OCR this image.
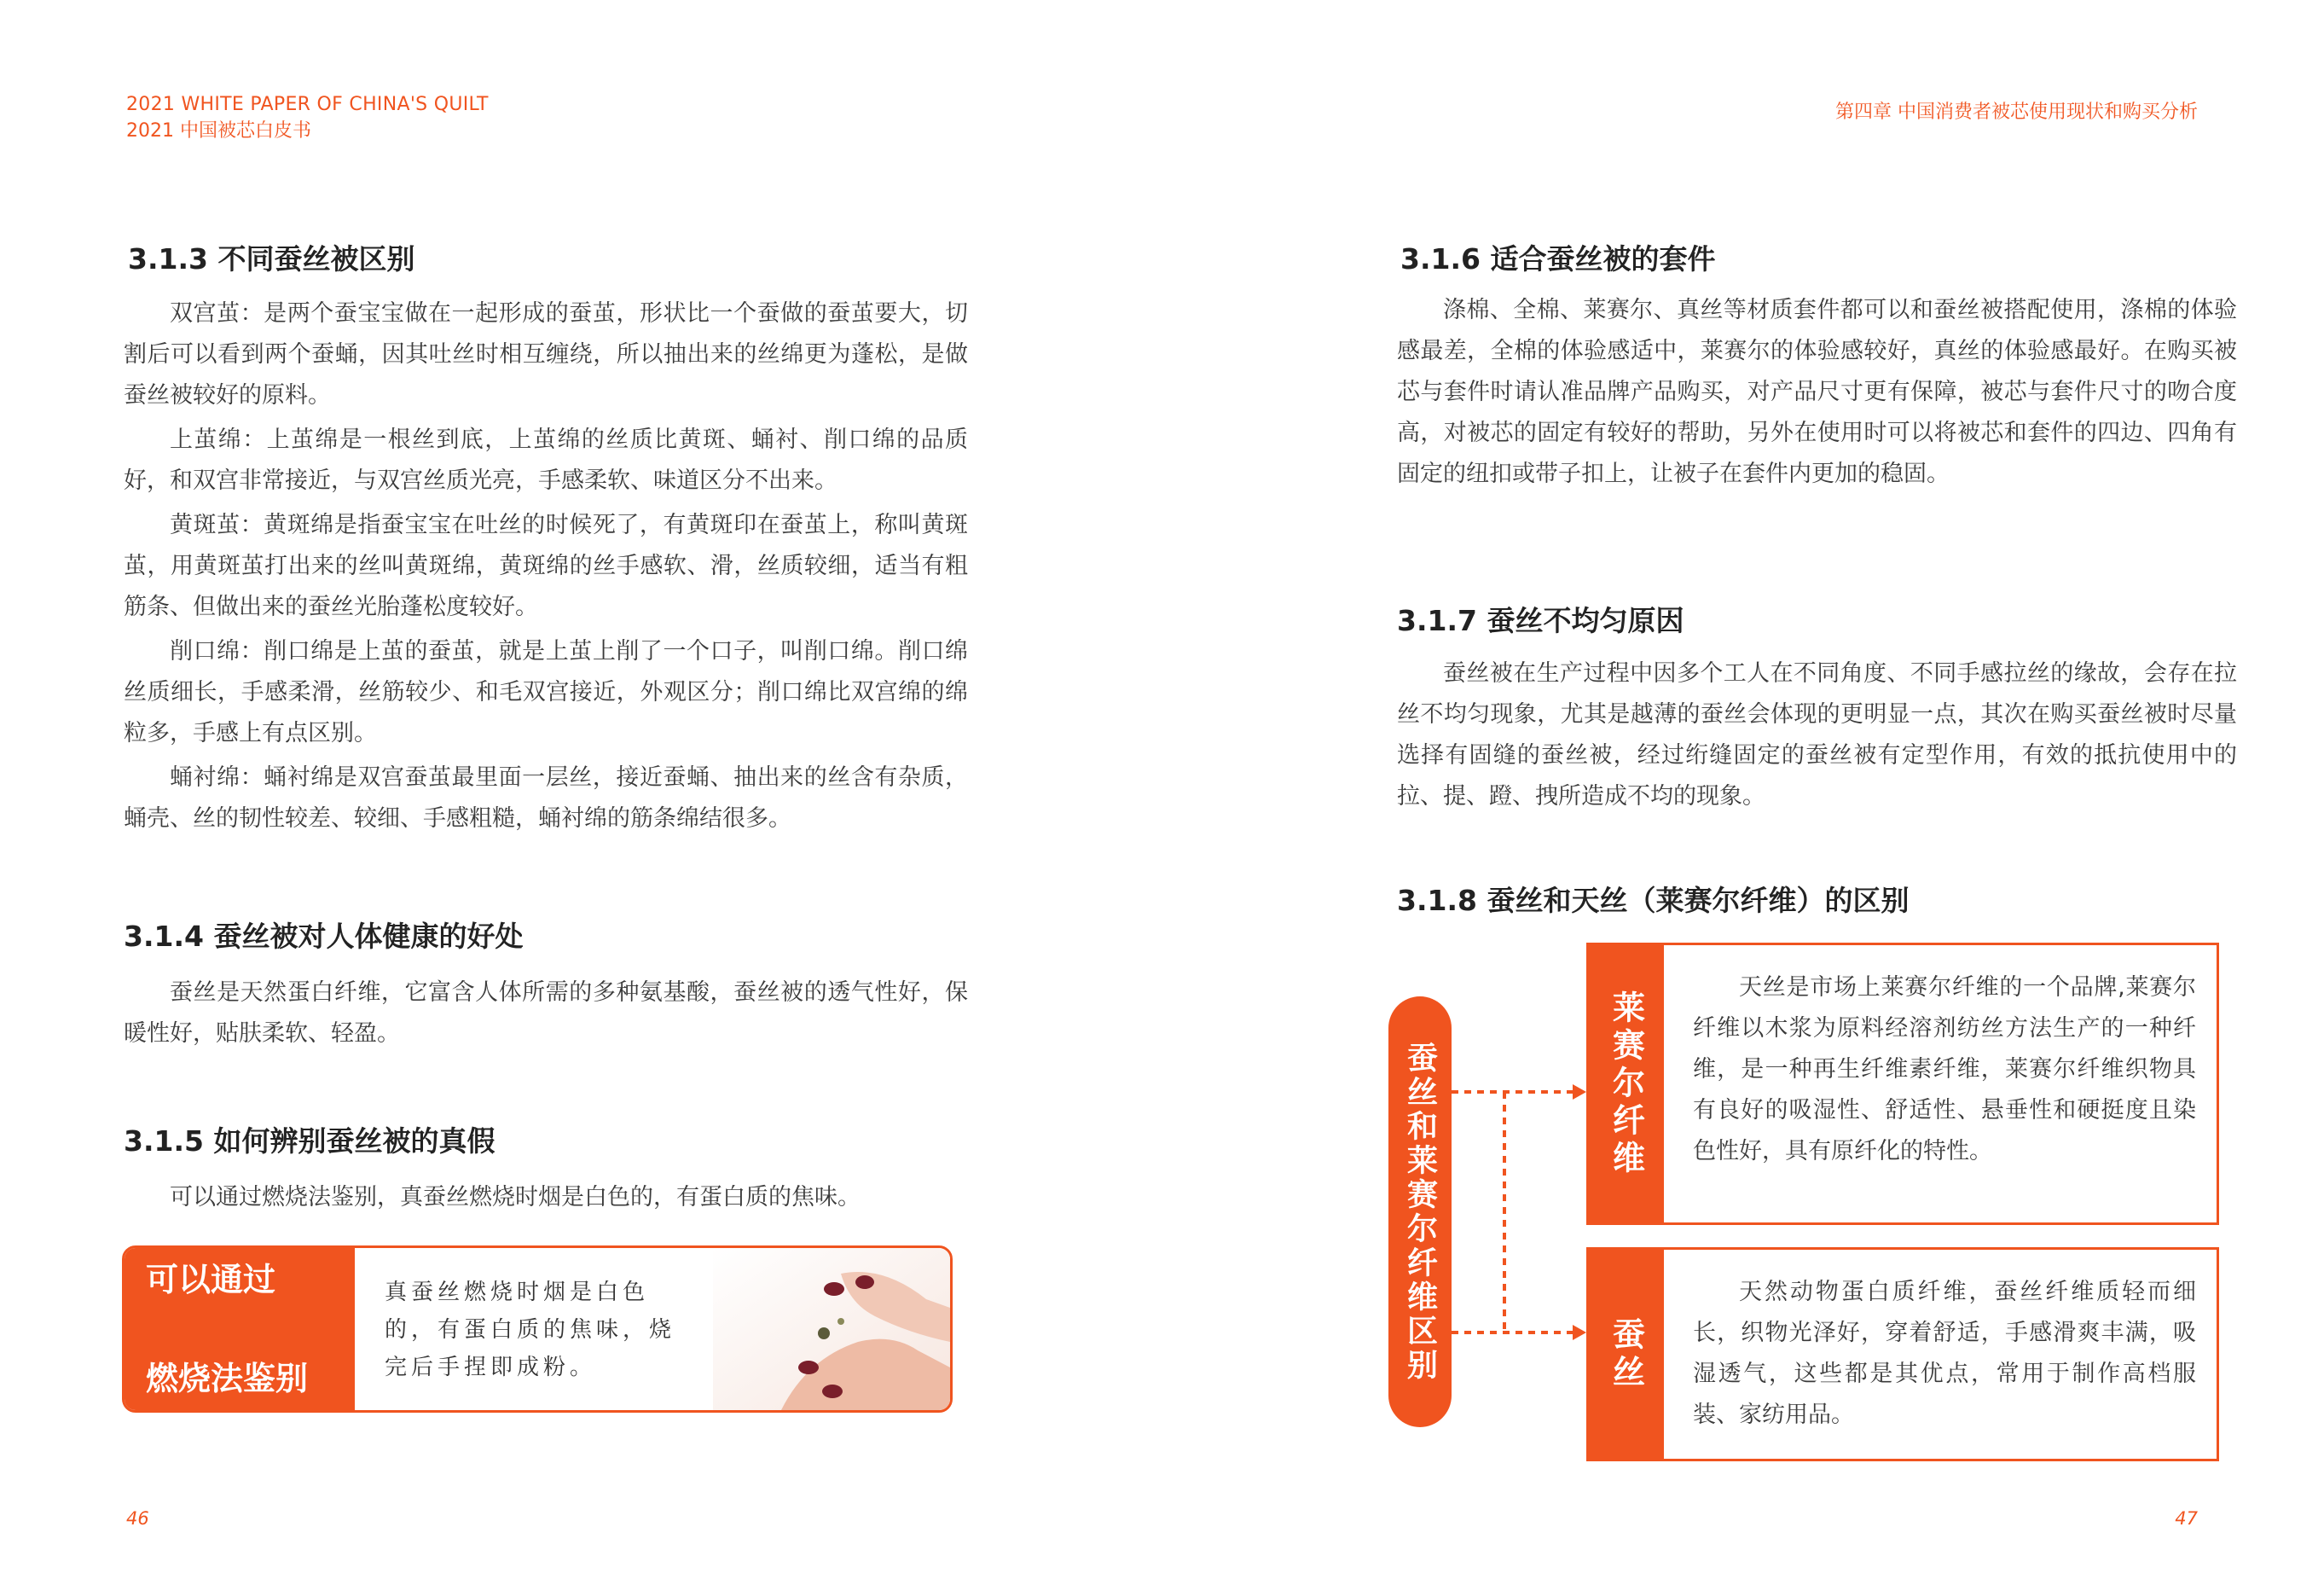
2021 WHITE PAPER OF CHINA'S QUILT
2021 中国被芯白皮书
3.1.3 不同蚕丝被区别

双宫茧：是两个蚕宝宝做在一起形成的蚕茧，形状比一个蚕做的蚕茧要大，切割后可以看到两个蚕蛹，因其吐丝时相互缠绕，所以抽出来的丝绵更为蓬松，是做蚕丝被较好的原料。

上茧绵：上茧绵是一根丝到底，上茧绵的丝质比黄斑、蛹衬、削口绵的品质好，和双宫非常接近，与双宫丝质光亮，手感柔软、味道区分不出来。

黄斑茧：黄斑绵是指蚕宝宝在吐丝的时候死了，有黄斑印在蚕茧上，称叫黄斑茧，用黄斑茧打出来的丝叫黄斑绵，黄斑绵的丝手感软、滑，丝质较细，适当有粗筋条、但做出来的蚕丝光胎蓬松度较好。

削口绵：削口绵是上茧的蚕茧，就是上茧上削了一个口子，叫削口绵。削口绵丝质细长，手感柔滑，丝筋较少、和毛双宫接近，外观区分；削口绵比双宫绵的绵粒多，手感上有点区别。

蛹衬绵：蛹衬绵是双宫蚕茧最里面一层丝，接近蚕蛹、抽出来的丝含有杂质，蛹壳、丝的韧性较差、较细、手感粗糙，蛹衬绵的筋条绵结很多。

3.1.4 蚕丝被对人体健康的好处

蚕丝是天然蛋白纤维，它富含人体所需的多种氨基酸，蚕丝被的透气性好，保暖性好，贴肤柔软、轻盈。

3.1.5 如何辨别蚕丝被的真假

可以通过燃烧法鉴别，真蚕丝燃烧时烟是白色的，有蛋白质的焦味。

可以通过

燃烧法鉴别
真蚕丝燃烧时烟是白色的，有蛋白质的焦味，烧完后手捏即成粉。
46
第四章 中国消费者被芯使用现状和购买分析
3.1.6 适合蚕丝被的套件

涤棉、全棉、莱赛尔、真丝等材质套件都可以和蚕丝被搭配使用，涤棉的体验感最差，全棉的体验感适中，莱赛尔的体验感较好，真丝的体验感最好。在购买被芯与套件时请认准品牌产品购买，对产品尺寸更有保障，被芯与套件尺寸的吻合度高，对被芯的固定有较好的帮助，另外在使用时可以将被芯和套件的四边、四角有固定的纽扣或带子扣上，让被子在套件内更加的稳固。

3.1.7 蚕丝不均匀原因

蚕丝被在生产过程中因多个工人在不同角度、不同手感拉丝的缘故，会存在拉丝不均匀现象，尤其是越薄的蚕丝会体现的更明显一点，其次在购买蚕丝被时尽量选择有固缝的蚕丝被，经过绗缝固定的蚕丝被有定型作用，有效的抵抗使用中的拉、提、蹬、拽所造成不均的现象。

3.1.8 蚕丝和天丝（莱赛尔纤维）的区别
47
蚕丝和莱赛尔纤维区别	莱赛尔纤维

天丝是市场上莱赛尔纤维的一个品牌,莱赛尔纤维以木浆为原料经溶剂纺丝方法生产的一种纤维，是一种再生纤维素纤维，莱赛尔纤维织物具有良好的吸湿性、舒适性、悬垂性和硬挺度且染色性好，具有原纤化的特性。

蚕丝

天然动物蛋白质纤维，蚕丝纤维质轻而细长，织物光泽好，穿着舒适，手感滑爽丰满，吸湿透气，这些都是其优点，常用于制作高档服装、家纺用品。
